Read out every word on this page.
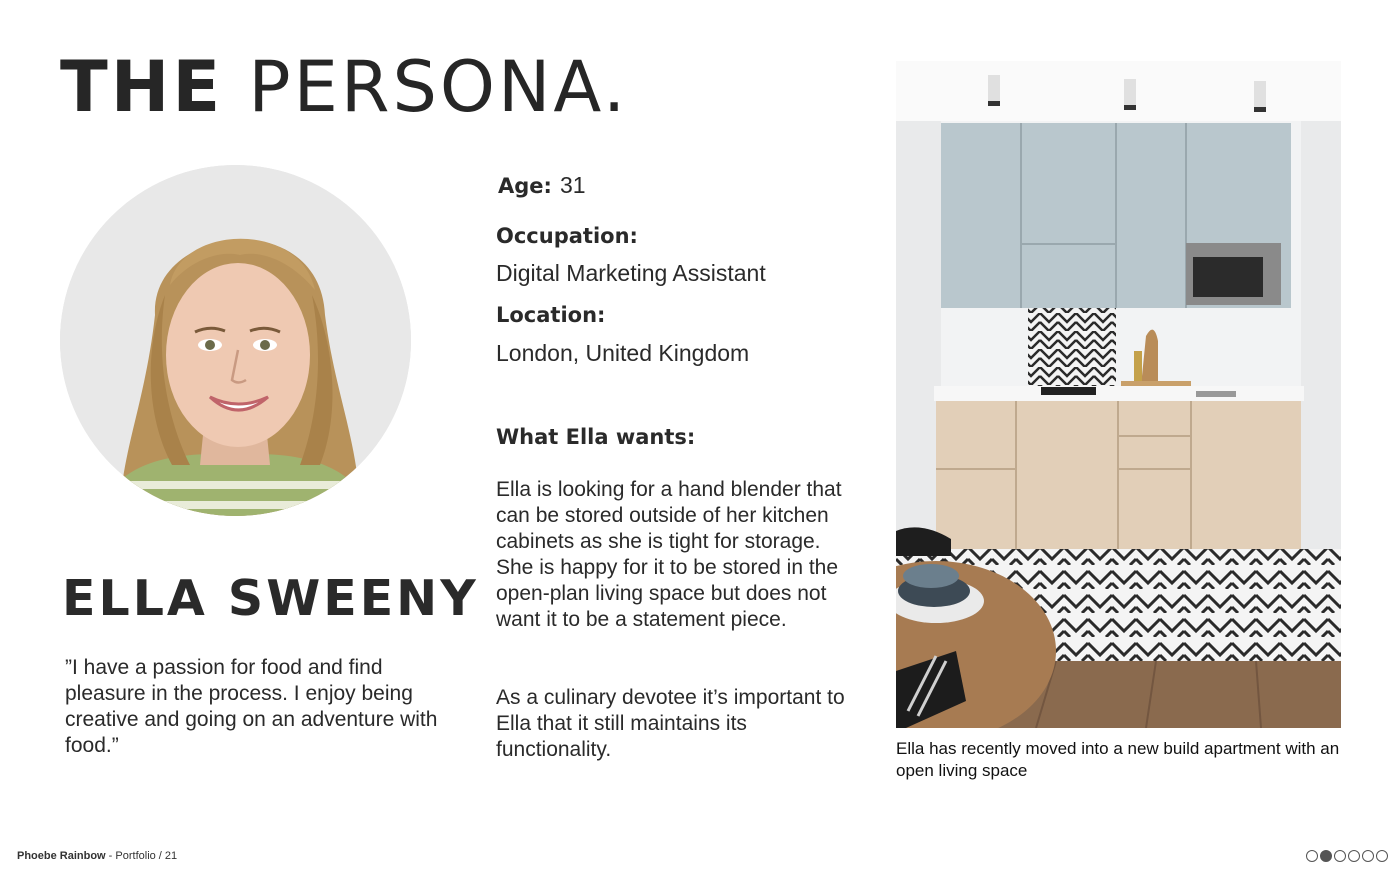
THE PERSONA.
ELLA SWEENY
”I have a passion for food and find pleasure in the process. I enjoy being creative and going on an adventure with food.”
Age: 31
Occupation:
Digital Marketing Assistant
Location:
London, United Kingdom
What Ella wants:
Ella is looking for a hand blender that can be stored outside of her kitchen cabinets as she is tight for storage. She is happy for it to be stored in the open-plan living space but does not want it to be a statement piece.
As a culinary devotee it’s important to Ella that it still maintains its functionality.	Ella has recently moved into a new build apartment with an open living space
Phoebe Rainbow - Portfolio / 21
